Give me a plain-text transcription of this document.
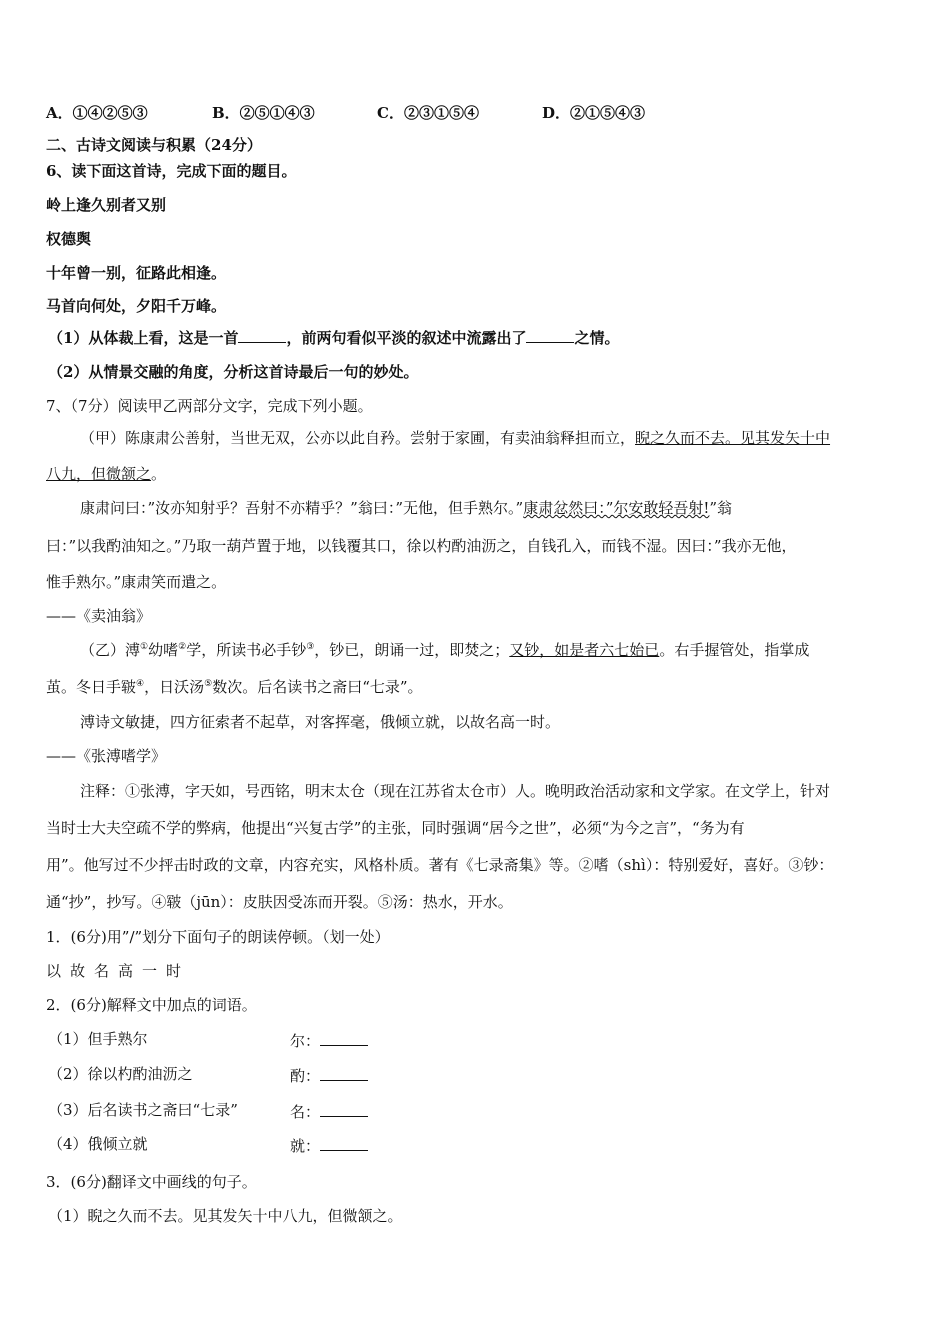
A．①④②⑤③	B．②⑤①④③	C．②③①⑤④	D．②①⑤④③
二、古诗文阅读与积累（24分）
6、读下面这首诗，完成下面的题目。
岭上逢久别者又别
权德舆
十年曾一别，征路此相逢。
马首向何处，夕阳千万峰。
（1）从体裁上看，这是一首	，前两句看似平淡的叙述中流露出了	之情。
（2）从情景交融的角度，分析这首诗最后一句的妙处。
7、（7分）阅读甲乙两部分文字，完成下列小题。
（甲）陈康肃公善射，当世无双，公亦以此自矜。尝射于家圃，有卖油翁释担而立，睨之久而不去。见其发矢十中
八九，但微颔之。
康肃问曰：”汝亦知射乎？吾射不亦精乎？”翁曰：”无他，但手熟尔。”康肃忿然曰：”尔安敢轻吾射!”翁
曰：”以我酌油知之。”乃取一葫芦置于地，以钱覆其口，徐以杓酌油沥之，自钱孔入，而钱不湿。因曰：”我亦无他，
惟手熟尔。”康肃笑而遣之。
——《卖油翁》
（乙）溥①幼嗜②学，所读书必手钞③，钞已，朗诵一过，即焚之；又钞，如是者六七始已。右手握管处，指掌成
茧。冬日手皲④，日沃汤⑤数次。后名读书之斋曰“七录”。
溥诗文敏捷，四方征索者不起草，对客挥毫，俄倾立就，以故名高一时。
——《张溥嗜学》
注释：①张溥，字天如，号西铭，明末太仓（现在江苏省太仓市）人。晚明政治活动家和文学家。在文学上，针对
当时士大夫空疏不学的弊病，他提出“兴复古学”的主张，同时强调“居今之世”，必须“为今之言”，“务为有
用”。他写过不少抨击时政的文章，内容充实，风格朴质。著有《七录斋集》等。②嗜（shì）：特别爱好，喜好。③钞：
通“抄”，抄写。④皲（jūn）：皮肤因受冻而开裂。⑤汤：热水，开水。
1．(6分)用”/”划分下面句子的朗读停顿。（划一处）
以故名高一时
2．(6分)解释文中加点的词语。
（1）但手熟尔	尔：
（2）徐以杓酌油沥之	酌：
（3）后名读书之斋曰“七录”	名：
（4）俄倾立就	就：
3．(6分)翻译文中画线的句子。
（1）睨之久而不去。见其发矢十中八九，但微颔之。
